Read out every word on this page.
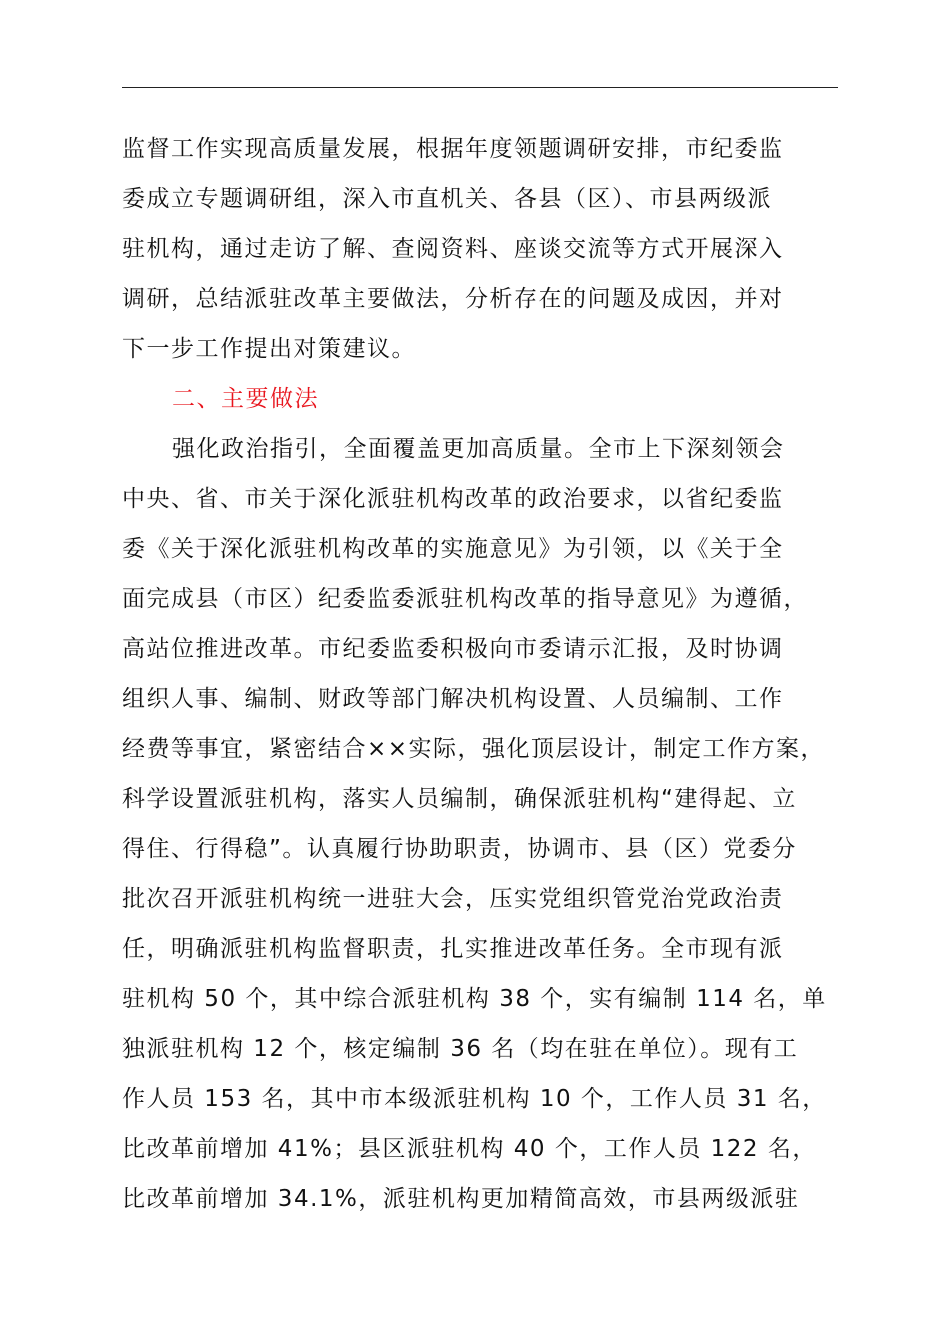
监督工作实现高质量发展，根据年度领题调研安排，市纪委监
委成立专题调研组，深入市直机关、各县（区）、市县两级派
驻机构，通过走访了解、查阅资料、座谈交流等方式开展深入
调研，总结派驻改革主要做法，分析存在的问题及成因，并对
下一步工作提出对策建议。
二、主要做法
强化政治指引，全面覆盖更加高质量。全市上下深刻领会
中央、省、市关于深化派驻机构改革的政治要求，以省纪委监
委《关于深化派驻机构改革的实施意见》为引领，以《关于全
面完成县（市区）纪委监委派驻机构改革的指导意见》为遵循，
高站位推进改革。市纪委监委积极向市委请示汇报，及时协调
组织人事、编制、财政等部门解决机构设置、人员编制、工作
经费等事宜，紧密结合××实际，强化顶层设计，制定工作方案，
科学设置派驻机构，落实人员编制，确保派驻机构“建得起、立
得住、行得稳”。认真履行协助职责，协调市、县（区）党委分
批次召开派驻机构统一进驻大会，压实党组织管党治党政治责
任，明确派驻机构监督职责，扎实推进改革任务。全市现有派
驻机构 50 个，其中综合派驻机构 38 个，实有编制 114 名，单
独派驻机构 12 个，核定编制 36 名（均在驻在单位）。现有工
作人员 153 名，其中市本级派驻机构 10 个，工作人员 31 名，
比改革前增加 41%；县区派驻机构 40 个，工作人员 122 名，
比改革前增加 34.1%，派驻机构更加精简高效，市县两级派驻
